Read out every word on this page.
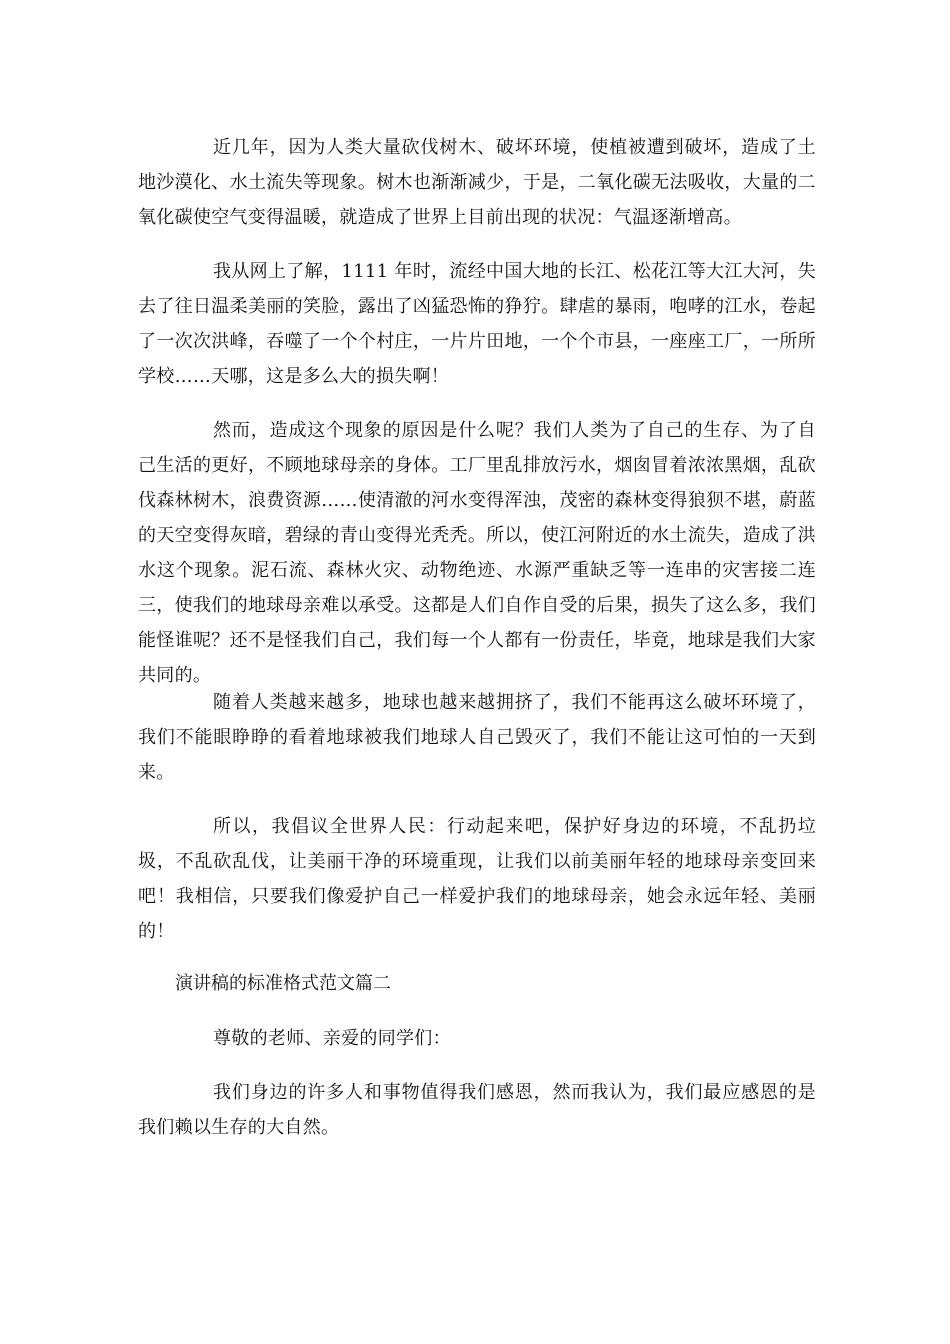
近几年，因为人类大量砍伐树木、破坏环境，使植被遭到破坏，造成了土地沙漠化、水土流失等现象。树木也渐渐减少，于是，二氧化碳无法吸收，大量的二氧化碳使空气变得温暖，就造成了世界上目前出现的状况：气温逐渐增高。

我从网上了解，1111 年时，流经中国大地的长江、松花江等大江大河，失去了往日温柔美丽的笑脸，露出了凶猛恐怖的狰狞。肆虐的暴雨，咆哮的江水，卷起了一次次洪峰，吞噬了一个个村庄，一片片田地，一个个市县，一座座工厂，一所所学校……天哪，这是多么大的损失啊！

然而，造成这个现象的原因是什么呢？我们人类为了自己的生存、为了自己生活的更好，不顾地球母亲的身体。工厂里乱排放污水，烟囱冒着浓浓黑烟，乱砍伐森林树木，浪费资源……使清澈的河水变得浑浊，茂密的森林变得狼狈不堪，蔚蓝的天空变得灰暗，碧绿的青山变得光秃秃。所以，使江河附近的水土流失，造成了洪水这个现象。泥石流、森林火灾、动物绝迹、水源严重缺乏等一连串的灾害接二连三，使我们的地球母亲难以承受。这都是人们自作自受的后果，损失了这么多，我们能怪谁呢？还不是怪我们自己，我们每一个人都有一份责任，毕竟，地球是我们大家共同的。

随着人类越来越多，地球也越来越拥挤了，我们不能再这么破坏环境了，我们不能眼睁睁的看着地球被我们地球人自己毁灭了，我们不能让这可怕的一天到来。

所以，我倡议全世界人民：行动起来吧，保护好身边的环境，不乱扔垃圾，不乱砍乱伐，让美丽干净的环境重现，让我们以前美丽年轻的地球母亲变回来吧！我相信，只要我们像爱护自己一样爱护我们的地球母亲，她会永远年轻、美丽的！

演讲稿的标准格式范文篇二

尊敬的老师、亲爱的同学们：

我们身边的许多人和事物值得我们感恩，然而我认为，我们最应感恩的是我们赖以生存的大自然。
